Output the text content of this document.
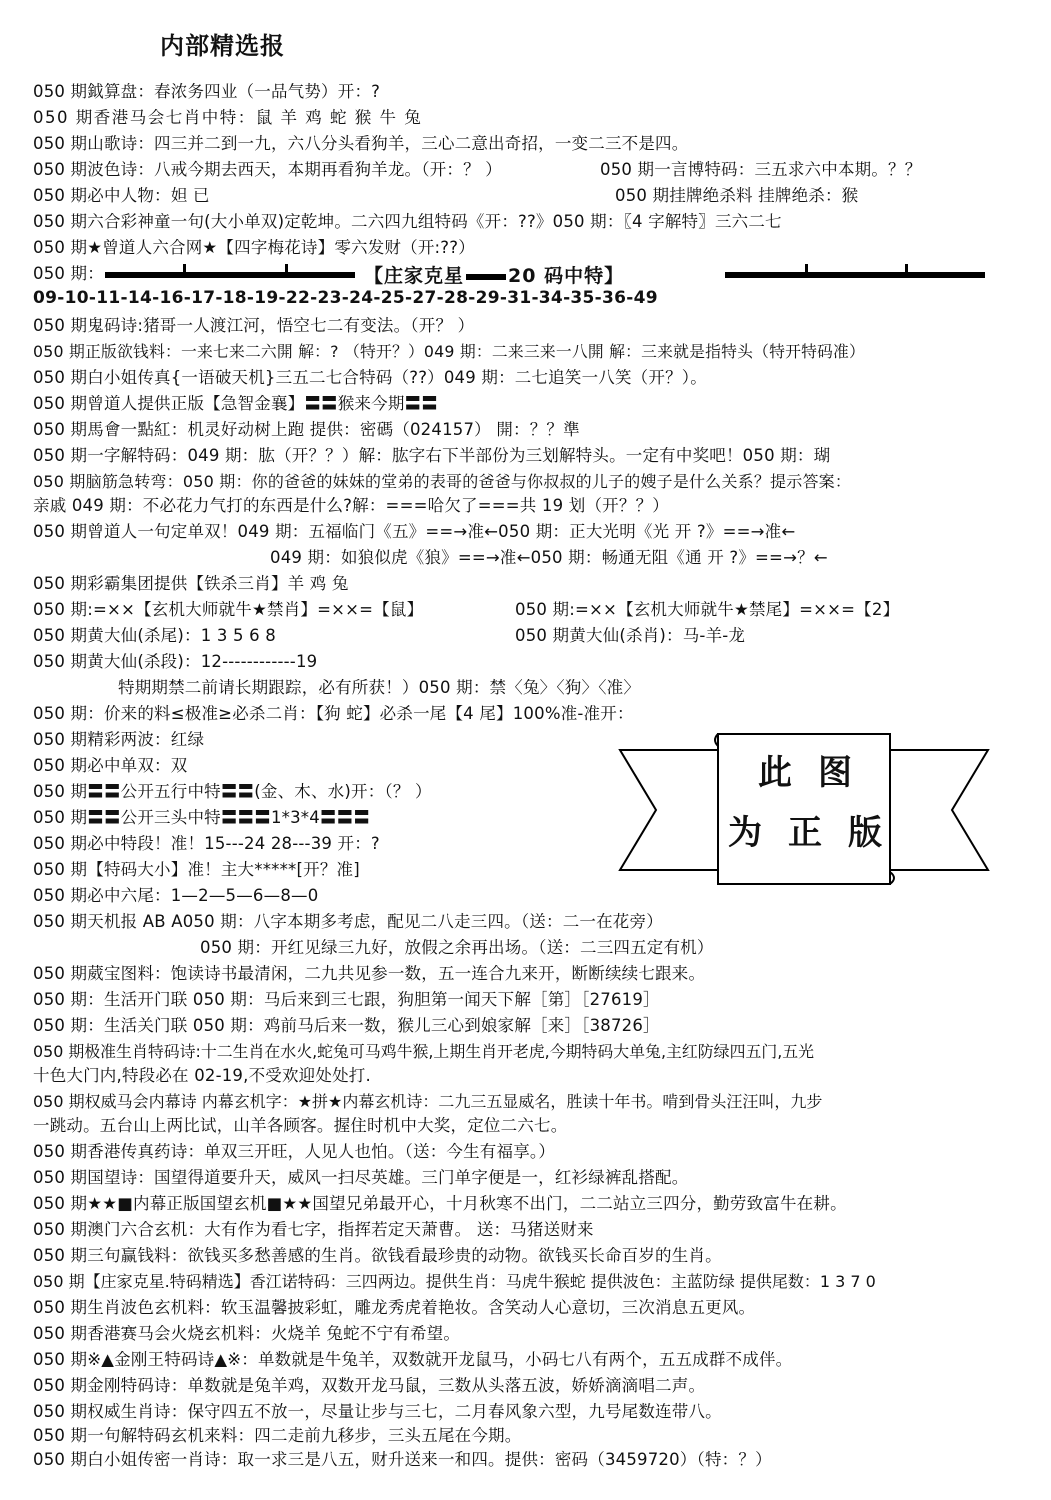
内部精选报
050 期鉞算盘：春浓务四业（一品气势）开：?
050 期香港马会七肖中特：鼠 羊 鸡 蛇 猴 牛 兔
050 期山歌诗：四三并二到一九，六八分头看狗羊，三心二意出奇招，一变二三不是四。
050 期波色诗：八戒今期去西天，本期再看狗羊龙。（开：？ ）	050 期一言博特码：三五求六中本期。？？
050 期必中人物：妲 已	050 期挂牌绝杀料 挂牌绝杀：猴
050 期六合彩神童一句(大小单双)定乾坤。二六四九组特码《开：??》050 期：〖4 字解特〗三六二七
050 期★曾道人六合网★【四字梅花诗】零六发财（开:??）
050 期：	【庄家克星 20 码中特】
09-10-11-14-16-17-18-19-22-23-24-25-27-28-29-31-34-35-36-49
050 期鬼码诗:猪哥一人渡江河，悟空七二有变法。（开？ ）
050 期正版欲钱料：一来七来二六開 解：? （特开？）049 期：二来三来一八開 解：三来就是指特头（特开特码准）
050 期白小姐传真{一语破天机}三五二七合特码（??）049 期：二七追笑一八笑（开？）。
050 期曾道人提供正版【急智金襄】〓〓猴来今期〓〓
050 期馬會一點紅：机灵好动树上跑 提供：密碼（024157） 開：？？準
050 期一字解特码：049 期：肱（开？？）解：肱字右下半部份为三划解特头。一定有中奖吧！050 期：瑚
050 期脑筋急转弯：050 期：你的爸爸的妹妹的堂弟的表哥的爸爸与你叔叔的儿子的嫂子是什么关系？提示答案：
亲戚 049 期：不必花力气打的东西是什么?解：===哈欠了===共 19 划（开？？）
050 期曾道人一句定单双！049 期：五福临门《五》==→准←050 期：正大光明《光 开 ?》==→准←
049 期：如狼似虎《狼》==→准←050 期：畅通无阻《通 开 ?》==→？←
050 期彩霸集团提供【铁杀三肖】羊 鸡 兔
050 期:=××【玄机大师就牛★禁肖】=××=【鼠】	050 期:=××【玄机大师就牛★禁尾】=××=【2】
050 期黄大仙(杀尾)：1 3 5 6 8	050 期黄大仙(杀肖)：马-羊-龙
050 期黄大仙(杀段)：12------------19
特期期禁二前请长期跟踪，必有所获！）050 期：禁〈兔〉〈狗〉〈准〉
050 期：价来的料≤极准≥必杀二肖：【狗 蛇】必杀一尾【4 尾】100%准-准开：
050 期精彩两波：红绿
050 期必中单双：双
050 期〓〓公开五行中特〓〓(金、木、水)开：（？ ）
050 期〓〓公开三头中特〓〓〓1*3*4〓〓〓
050 期必中特段！准！15---24 28---39 开：?
050 期【特码大小】准！主大*****[开？准]
050 期必中六尾：1—2—5—6—8—0
050 期天机报 AB A050 期：八字本期多考虑，配见二八走三四。（送：二一在花旁）
050 期：开红见绿三九好，放假之余再出场。（送：二三四五定有机）
050 期葳宝图料：饱读诗书最清闲，二九共见参一数，五一连合九来开，断断续续七跟来。
050 期：生活开门联 050 期：马后来到三七跟，狗胆第一闻天下解［第］［27619］
050 期：生活关门联 050 期：鸡前马后来一数，猴儿三心到娘家解［来］［38726］
050 期极准生肖特码诗:十二生肖在水火,蛇兔可马鸡牛猴,上期生肖开老虎,今期特码大单兔,主红防绿四五门,五光
十色大门内,特段必在 02-19,不受欢迎处处打.
050 期权威马会内幕诗 内幕玄机字：★拼★内幕玄机诗：二九三五显威名，胜读十年书。啃到骨头汪汪叫，九步
一跳动。五台山上两比试，山羊各顾客。握住时机中大奖，定位二六七。
050 期香港传真药诗：单双三开旺，人见人也怕。（送：今生有福享。）
050 期国望诗：国望得道要升天，威风一扫尽英雄。三门单字便是一，红衫绿裤乱搭配。
050 期★★■内幕正版国望玄机■★★国望兄弟最开心，十月秋寒不出门，二二站立三四分，勤劳致富牛在耕。
050 期澳门六合玄机：大有作为看七字，指挥若定天萧曹。 送：马猪送财来
050 期三句赢钱料：欲钱买多愁善感的生肖。欲钱看最珍贵的动物。欲钱买长命百岁的生肖。
050 期【庄家克星.特码精选】香江诺特码：三四两边。提供生肖：马虎牛猴蛇 提供波色：主蓝防绿 提供尾数：1 3 7 0
050 期生肖波色玄机料：软玉温馨披彩虹，雕龙秀虎着艳妆。含笑动人心意切，三次消息五更风。
050 期香港赛马会火烧玄机料：火烧羊 兔蛇不宁有希望。
050 期※▲金刚王特码诗▲※：单数就是牛兔羊，双数就开龙鼠马，小码七八有两个，五五成群不成伴。
050 期金刚特码诗：单数就是兔羊鸡，双数开龙马鼠，三数从头落五波，娇娇滴滴唱二声。
050 期权威生肖诗：保守四五不放一，尽量让步与三七，二月春风象六型，九号尾数连带八。
050 期一句解特码玄机来料：四二走前九移步，三头五尾在今期。
050 期白小姐传密一肖诗：取一求三是八五，财升送来一和四。提供：密码（3459720）（特：？）
此图
为正版
